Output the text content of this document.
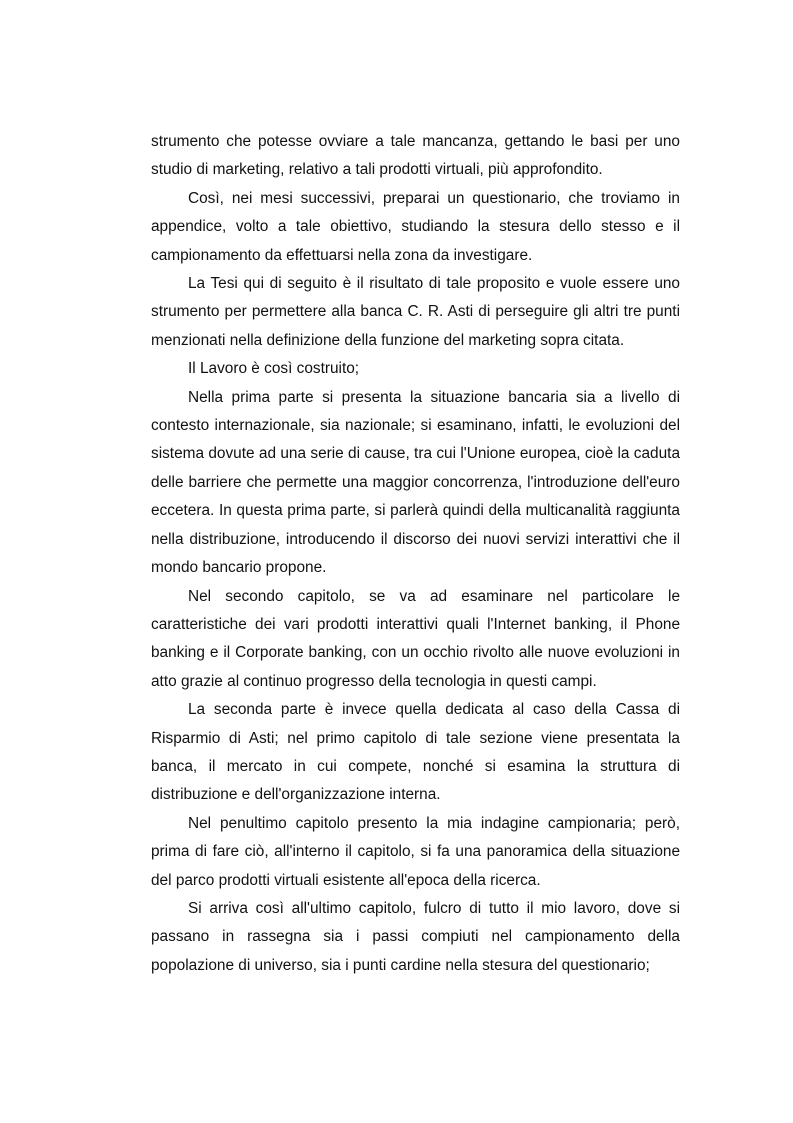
strumento che potesse ovviare a tale mancanza, gettando le basi per uno studio di marketing, relativo a tali prodotti virtuali, più approfondito.

Così, nei mesi successivi, preparai un questionario, che troviamo in appendice, volto a tale obiettivo, studiando la stesura dello stesso e il campionamento da effettuarsi nella zona da investigare.

La Tesi qui di seguito è il risultato di tale proposito e vuole essere uno strumento per permettere alla banca C. R. Asti di perseguire gli altri tre punti menzionati nella definizione della funzione del marketing sopra citata.

Il Lavoro è così costruito;

Nella prima parte si presenta la situazione bancaria sia a livello di contesto internazionale, sia nazionale; si esaminano, infatti, le evoluzioni del sistema dovute ad una serie di cause, tra cui l'Unione europea, cioè la caduta delle barriere che permette una maggior concorrenza, l'introduzione dell'euro eccetera. In questa prima parte, si parlerà quindi della multicanalità raggiunta nella distribuzione, introducendo il discorso dei nuovi servizi interattivi che il mondo bancario propone.

Nel secondo capitolo, se va ad esaminare nel particolare le caratteristiche dei vari prodotti interattivi quali l'Internet banking, il Phone banking e il Corporate banking, con un occhio rivolto alle nuove evoluzioni in atto grazie al continuo progresso della tecnologia in questi campi.

La seconda parte è invece quella dedicata al caso della Cassa di Risparmio di Asti; nel primo capitolo di tale sezione viene presentata la banca, il mercato in cui compete, nonché si esamina la struttura di distribuzione e dell'organizzazione interna.

Nel penultimo capitolo presento la mia indagine campionaria; però, prima di fare ciò, all'interno il capitolo, si fa una panoramica della situazione del parco prodotti virtuali esistente all'epoca della ricerca.

Si arriva così all'ultimo capitolo, fulcro di tutto il mio lavoro, dove si passano in rassegna sia i passi compiuti nel campionamento della popolazione di universo, sia i punti cardine nella stesura del questionario;
